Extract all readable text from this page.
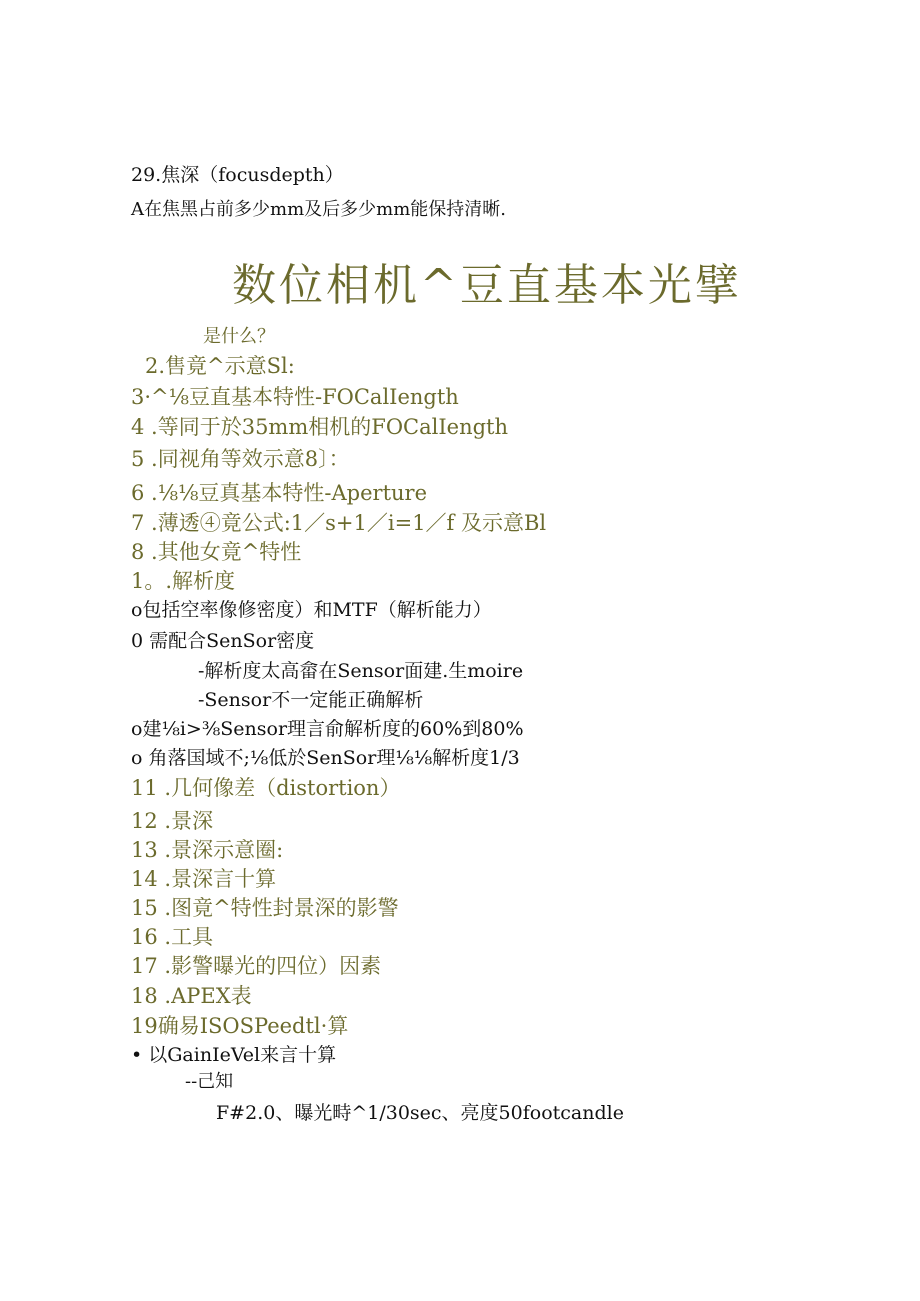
29.焦深（focusdepth）
A在焦黑占前多少mm及后多少mm能保持清晰.
数位相机^豆直基本光擘
是什么？
2.售竟^示意Sl:
3·^⅛豆直基本特性-FOCalIength
4 .等同于於35mm相机的FOCalIength
5 .同视角等效示意8〕：
6 .⅛⅛豆真基本特性-Aperture
7 .薄透④竟公式:1／s+1／i=1／f 及示意Bl
8 .其他女竟^特性
1。.解析度
o包括空率像修密度）和MTF（解析能力）
0 需配合SenSor密度
-解析度太高畲在Sensor面建.生moire
-Sensor不一定能正确解析
o建⅛i>⅜Sensor理言俞解析度的60%到80%
o 角落国域不;⅛低於SenSor理⅛⅛解析度1/3
11 .几何像差（distortion）
12 .景深
13 .景深示意圈:
14 .景深言十算
15 .图竟^特性封景深的影警
16 .工具
17 .影警曝光的四位）因素
18 .APEX表
19确易ISOSPeedtl·算
• 以GainIeVel来言十算
--己知
F#2.0、曝光畤^1/30sec、亮度50footcandle
